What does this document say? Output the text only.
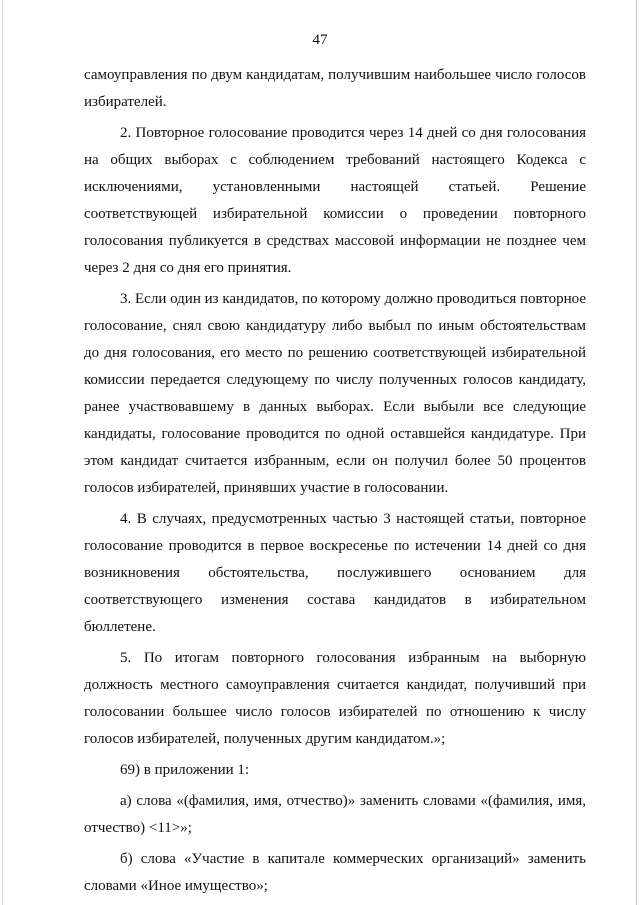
47

самоуправления по двум кандидатам, получившим наибольшее число голосов избирателей.

2. Повторное голосование проводится через 14 дней со дня голосования на общих выборах с соблюдением требований настоящего Кодекса с исключениями, установленными настоящей статьей. Решение соответствующей избирательной комиссии о проведении повторного голосования публикуется в средствах массовой информации не позднее чем через 2 дня со дня его принятия.

3. Если один из кандидатов, по которому должно проводиться повторное голосование, снял свою кандидатуру либо выбыл по иным обстоятельствам до дня голосования, его место по решению соответствующей избирательной комиссии передается следующему по числу полученных голосов кандидату, ранее участвовавшему в данных выборах. Если выбыли все следующие кандидаты, голосование проводится по одной оставшейся кандидатуре. При этом кандидат считается избранным, если он получил более 50 процентов голосов избирателей, принявших участие в голосовании.

4. В случаях, предусмотренных частью 3 настоящей статьи, повторное голосование проводится в первое воскресенье по истечении 14 дней со дня возникновения обстоятельства, послужившего основанием для соответствующего изменения состава кандидатов в избирательном бюллетене.

5. По итогам повторного голосования избранным на выборную должность местного самоуправления считается кандидат, получивший при голосовании большее число голосов избирателей по отношению к числу голосов избирателей, полученных другим кандидатом.»;

69) в приложении 1:

а) слова «(фамилия, имя, отчество)» заменить словами «(фамилия, имя, отчество) <11>»;

б) слова «Участие в капитале коммерческих организаций» заменить словами «Иное имущество»;
